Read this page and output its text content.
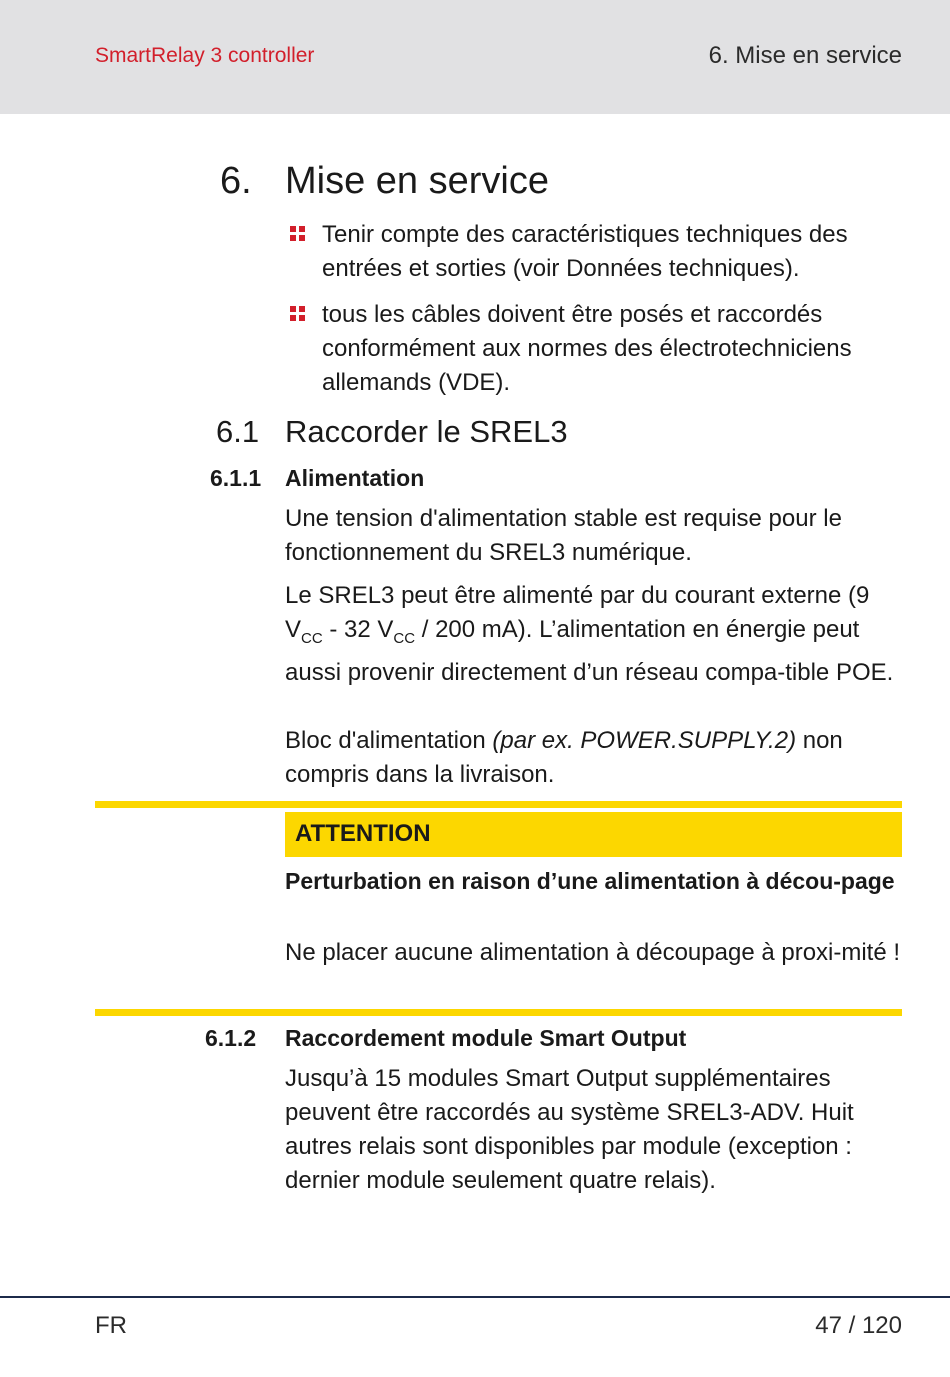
SmartRelay 3 controller	6. Mise en service
6. Mise en service
Tenir compte des caractéristiques techniques des entrées et sorties (voir Données techniques).
tous les câbles doivent être posés et raccordés conformément aux normes des électrotechniciens allemands (VDE).
6.1 Raccorder le SREL3
6.1.1 Alimentation
Une tension d'alimentation stable est requise pour le fonctionnement du SREL3 numérique.
Le SREL3 peut être alimenté par du courant externe (9 $V_{CC} - 32$ $V_{CC} / 200$ mA). L’alimentation en énergie peut aussi provenir directement d’un réseau compa-tible POE.
Bloc d'alimentation (par ex. POWER.SUPPLY.2) non compris dans la livraison.
ATTENTION
Perturbation en raison d’une alimentation à décou-page
Ne placer aucune alimentation à découpage à proxi-mité !
6.1.2 Raccordement module Smart Output
Jusqu’à 15 modules Smart Output supplémentaires peuvent être raccordés au système SREL3-ADV. Huit autres relais sont disponibles par module (exception : dernier module seulement quatre relais).
FR	47 / 120
